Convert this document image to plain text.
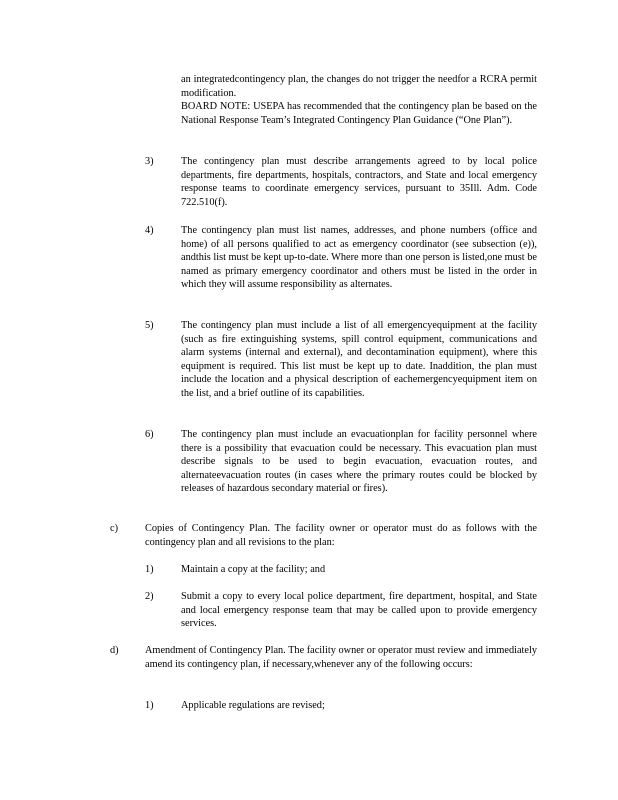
an integratedcontingency plan, the changes do not trigger the needfor a RCRA permit modification.
BOARD NOTE: USEPA has recommended that the contingency plan be based on the National Response Team’s Integrated Contingency Plan Guidance (“One Plan”).
3)	The contingency plan must describe arrangements agreed to by local police departments, fire departments, hospitals, contractors, and State and local emergency response teams to coordinate emergency services, pursuant to 35Ill. Adm. Code 722.510(f).
4)	The contingency plan must list names, addresses, and phone numbers (office and home) of all persons qualified to act as emergency coordinator (see subsection (e)), andthis list must be kept up-to-date. Where more than one person is listed,one must be named as primary emergency coordinator and others must be listed in the order in which they will assume responsibility as alternates.
5)	The contingency plan must include a list of all emergencyequipment at the facility (such as fire extinguishing systems, spill control equipment, communications and alarm systems (internal and external), and decontamination equipment), where this equipment is required. This list must be kept up to date. Inaddition, the plan must include the location and a physical description of eachemergencyequipment item on the list, and a brief outline of its capabilities.
6)	The contingency plan must include an evacuationplan for facility personnel where there is a possibility that evacuation could be necessary. This evacuation plan must describe signals to be used to begin evacuation, evacuation routes, and alternateevacuation routes (in cases where the primary routes could be blocked by releases of hazardous secondary material or fires).
c)	Copies of Contingency Plan. The facility owner or operator must do as follows with the contingency plan and all revisions to the plan:
1)	Maintain a copy at the facility; and
2)	Submit a copy to every local police department, fire department, hospital, and State and local emergency response team that may be called upon to provide emergency services.
d)	Amendment of Contingency Plan. The facility owner or operator must review and immediately amend its contingency plan, if necessary,whenever any of the following occurs:
1)	Applicable regulations are revised;
